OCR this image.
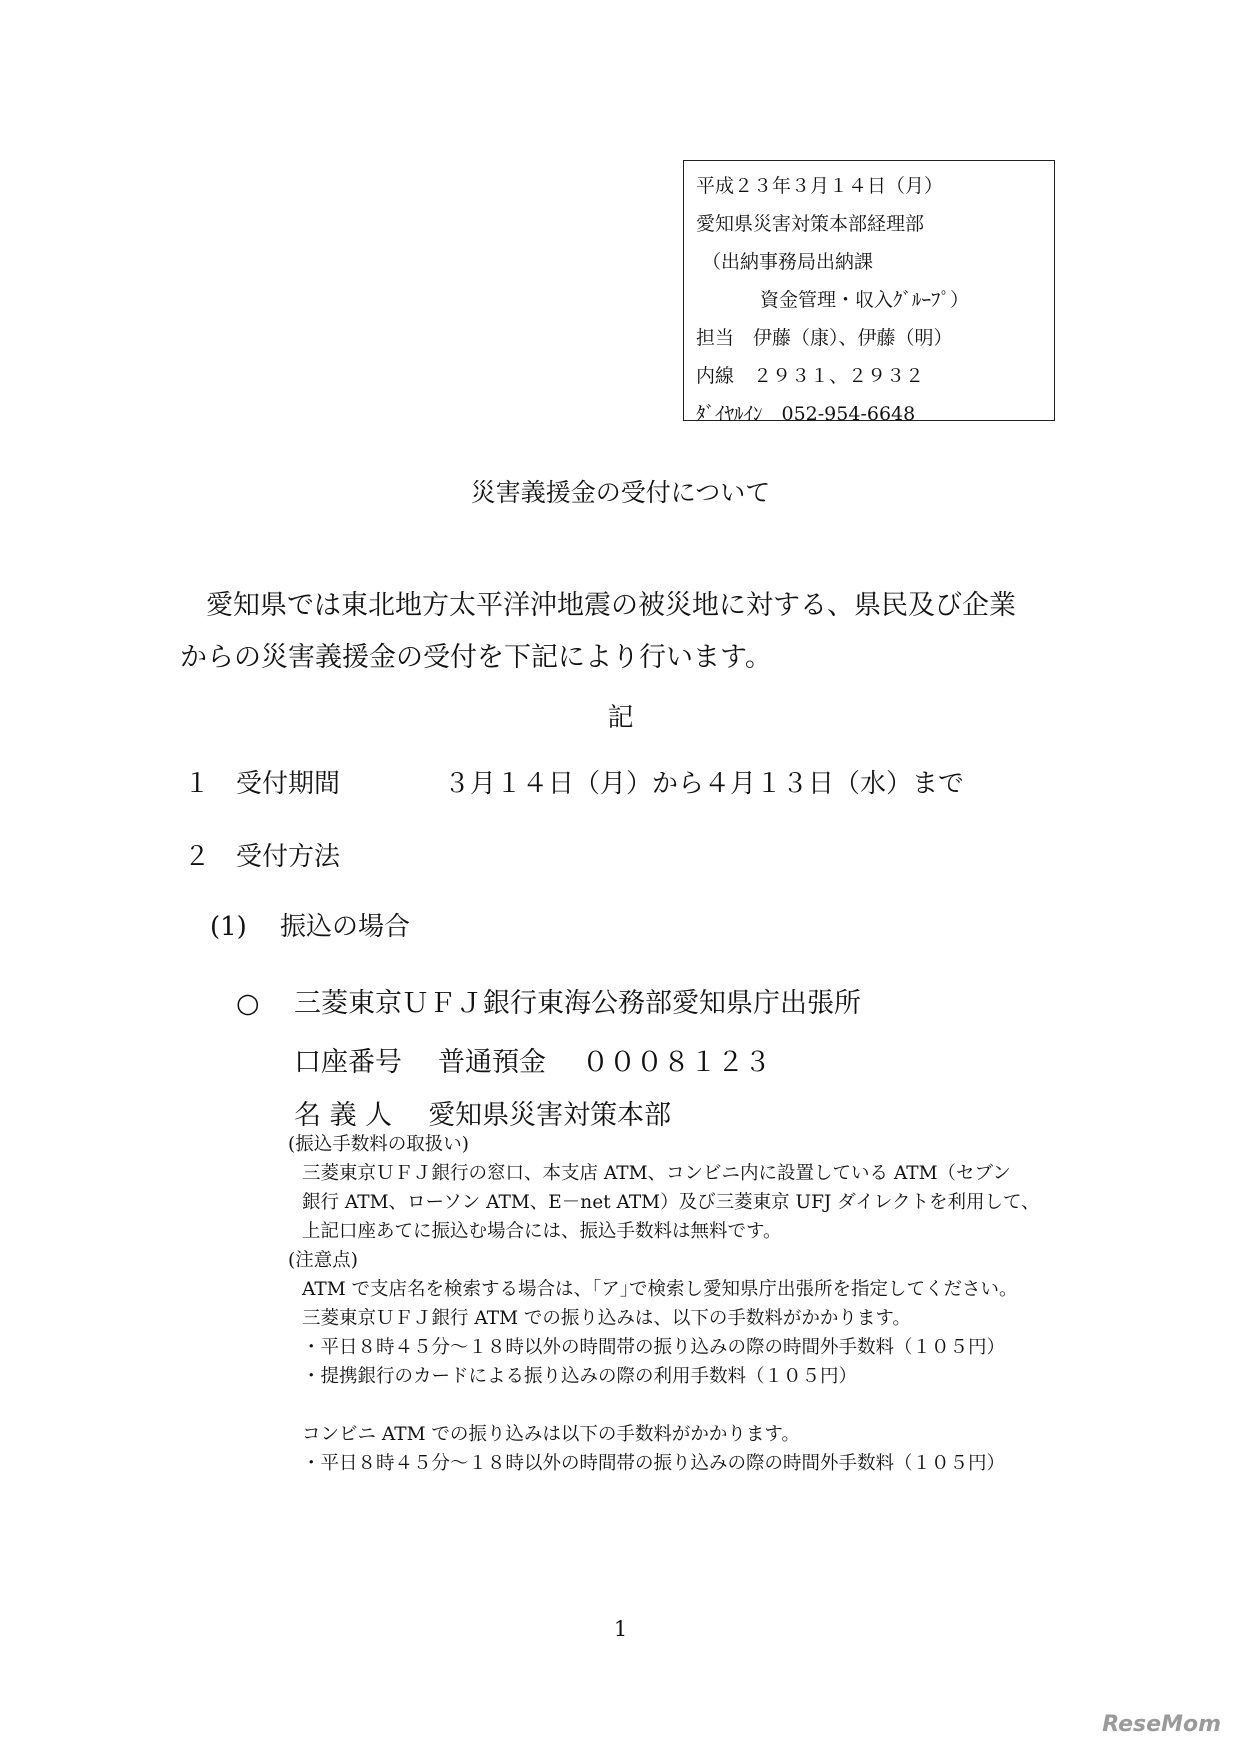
平成２３年３月１４日（月）
愛知県災害対策本部経理部
（出納事務局出納課
資金管理・収入ｸﾞﾙｰﾌﾟ）
担当　伊藤（康）、伊藤（明）
内線　２９３１、２９３２
ﾀﾞｲﾔﾙｲﾝ　052-954-6648
災害義援金の受付について
愛知県では東北地方太平洋沖地震の被災地に対する、県民及び企業
からの災害義援金の受付を下記により行います。
記
１ 受付期間	３月１４日（月）から４月１３日（水）まで
２ 受付方法
(1) 振込の場合
○ 三菱東京ＵＦＪ銀行東海公務部愛知県庁出張所
口座番号 普通預金 ０００８１２３
名 義 人 愛知県災害対策本部
(振込手数料の取扱い)
三菱東京ＵＦＪ銀行の窓口、本支店 ATM、コンビニ内に設置している ATM（セブン
銀行 ATM、ローソン ATM、E－net ATM）及び三菱東京 UFJ ダイレクトを利用して、
上記口座あてに振込む場合には、振込手数料は無料です。
(注意点)
ATM で支店名を検索する場合は、｢ア｣で検索し愛知県庁出張所を指定してください。
三菱東京ＵＦＪ銀行 ATM での振り込みは、以下の手数料がかかります。
・平日８時４５分～１８時以外の時間帯の振り込みの際の時間外手数料（１０５円）
・提携銀行のカードによる振り込みの際の利用手数料（１０５円）
コンビニ ATM での振り込みは以下の手数料がかかります。
・平日８時４５分～１８時以外の時間帯の振り込みの際の時間外手数料（１０５円）
1
ReseMom
